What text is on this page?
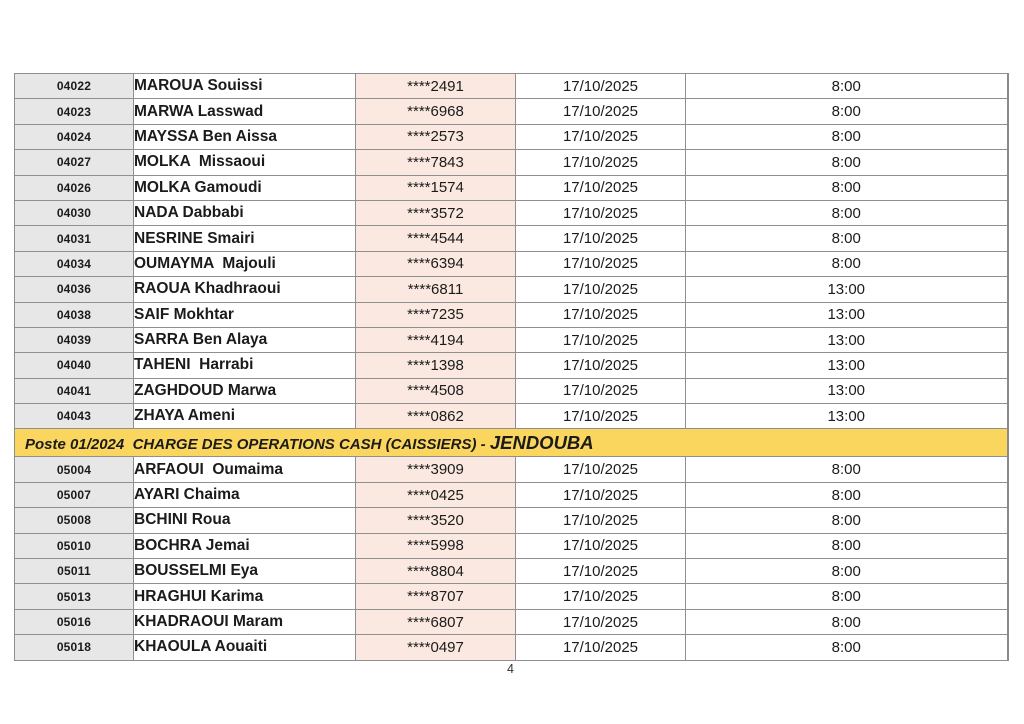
04022	MAROUA Souissi	****2491	17/10/2025	8:00
04023	MARWA Lasswad	****6968	17/10/2025	8:00
04024	MAYSSA Ben Aissa	****2573	17/10/2025	8:00
04027	MOLKA  Missaoui	****7843	17/10/2025	8:00
04026	MOLKA Gamoudi	****1574	17/10/2025	8:00
04030	NADA Dabbabi	****3572	17/10/2025	8:00
04031	NESRINE Smairi	****4544	17/10/2025	8:00
04034	OUMAYMA  Majouli	****6394	17/10/2025	8:00
04036	RAOUA Khadhraoui	****6811	17/10/2025	13:00
04038	SAIF Mokhtar	****7235	17/10/2025	13:00
04039	SARRA Ben Alaya	****4194	17/10/2025	13:00
04040	TAHENI  Harrabi	****1398	17/10/2025	13:00
04041	ZAGHDOUD Marwa	****4508	17/10/2025	13:00
04043	ZHAYA Ameni	****0862	17/10/2025	13:00
Poste 01/2024  CHARGE DES OPERATIONS CASH (CAISSIERS) - JENDOUBA				
05004	ARFAOUI  Oumaima	****3909	17/10/2025	8:00
05007	AYARI Chaima	****0425	17/10/2025	8:00
05008	BCHINI Roua	****3520	17/10/2025	8:00
05010	BOCHRA Jemai	****5998	17/10/2025	8:00
05011	BOUSSELMI Eya	****8804	17/10/2025	8:00
05013	HRAGHUI Karima	****8707	17/10/2025	8:00
05016	KHADRAOUI Maram	****6807	17/10/2025	8:00
05018	KHAOULA Aouaiti	****0497	17/10/2025	8:00
4
